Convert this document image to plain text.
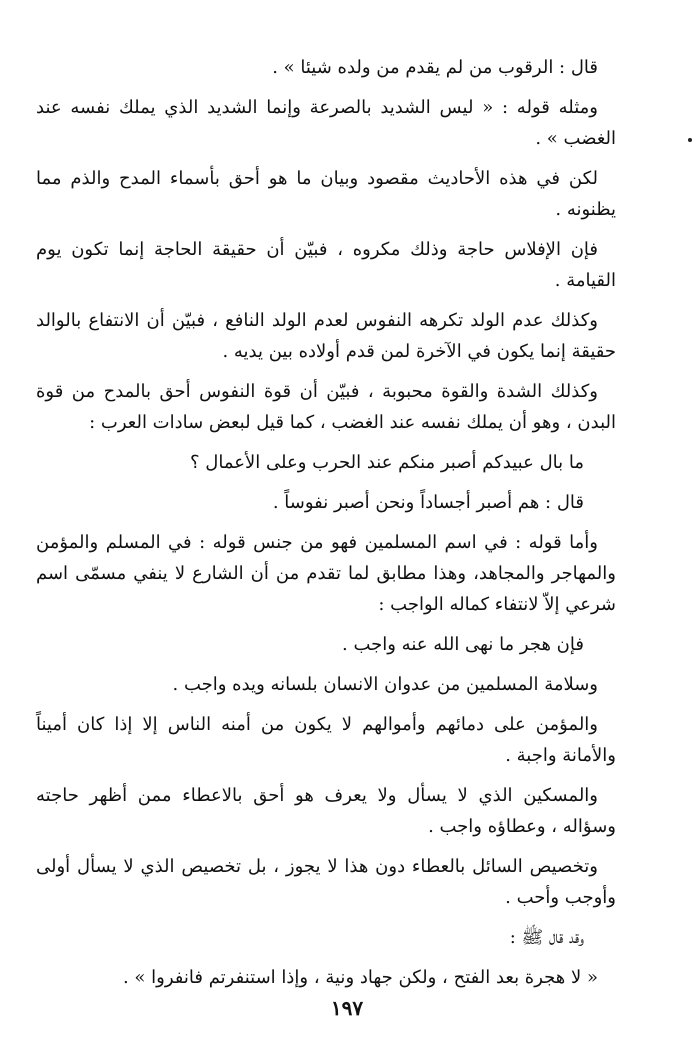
قال : الرقوب من لم يقدم من ولده شيئا » .

ومثله قوله : « ليس الشديد بالصرعة وإنما الشديد الذي يملك نفسه عند الغضب » .

لكن في هذه الأحاديث مقصود وبيان ما هو أحق بأسماء المدح والذم مما يظنونه .

فإن الإفلاس حاجة وذلك مكروه ، فبيّن أن حقيقة الحاجة إنما تكون يوم القيامة .

وكذلك عدم الولد تكرهه النفوس لعدم الولد النافع ، فبيّن أن الانتفاع بالوالد حقيقة إنما يكون في الآخرة لمن قدم أولاده بين يديه .

وكذلك الشدة والقوة محبوبة ، فبيّن أن قوة النفوس أحق بالمدح من قوة البدن ، وهو أن يملك نفسه عند الغضب ، كما قيل لبعض سادات العرب :

ما بال عبيدكم أصبر منكم عند الحرب وعلى الأعمال ؟

قال : هم أصبر أجساداً ونحن أصبر نفوساً .

وأما قوله : في اسم المسلمين فهو من جنس قوله : في المسلم والمؤمن والمهاجر والمجاهد، وهذا مطابق لما تقدم من أن الشارع لا ينفي مسمّى اسم شرعي إلاّ لانتفاء كماله الواجب :

فإن هجر ما نهى الله عنه واجب .

وسلامة المسلمين من عدوان الانسان بلسانه ويده واجب .

والمؤمن على دمائهم وأموالهم لا يكون من أمنه الناس إلا إذا كان أميناً والأمانة واجبة .

والمسكين الذي لا يسأل ولا يعرف هو أحق بالاعطاء ممن أظهر حاجته وسؤاله ، وعطاؤه واجب .

وتخصيص السائل بالعطاء دون هذا لا يجوز ، بل تخصيص الذي لا يسأل أولى وأوجب وأحب .

وقد قال ﷺ :

« لا هجرة بعد الفتح ، ولكن جهاد ونية ، وإذا استنفرتم فانفروا » .

١٩٧
